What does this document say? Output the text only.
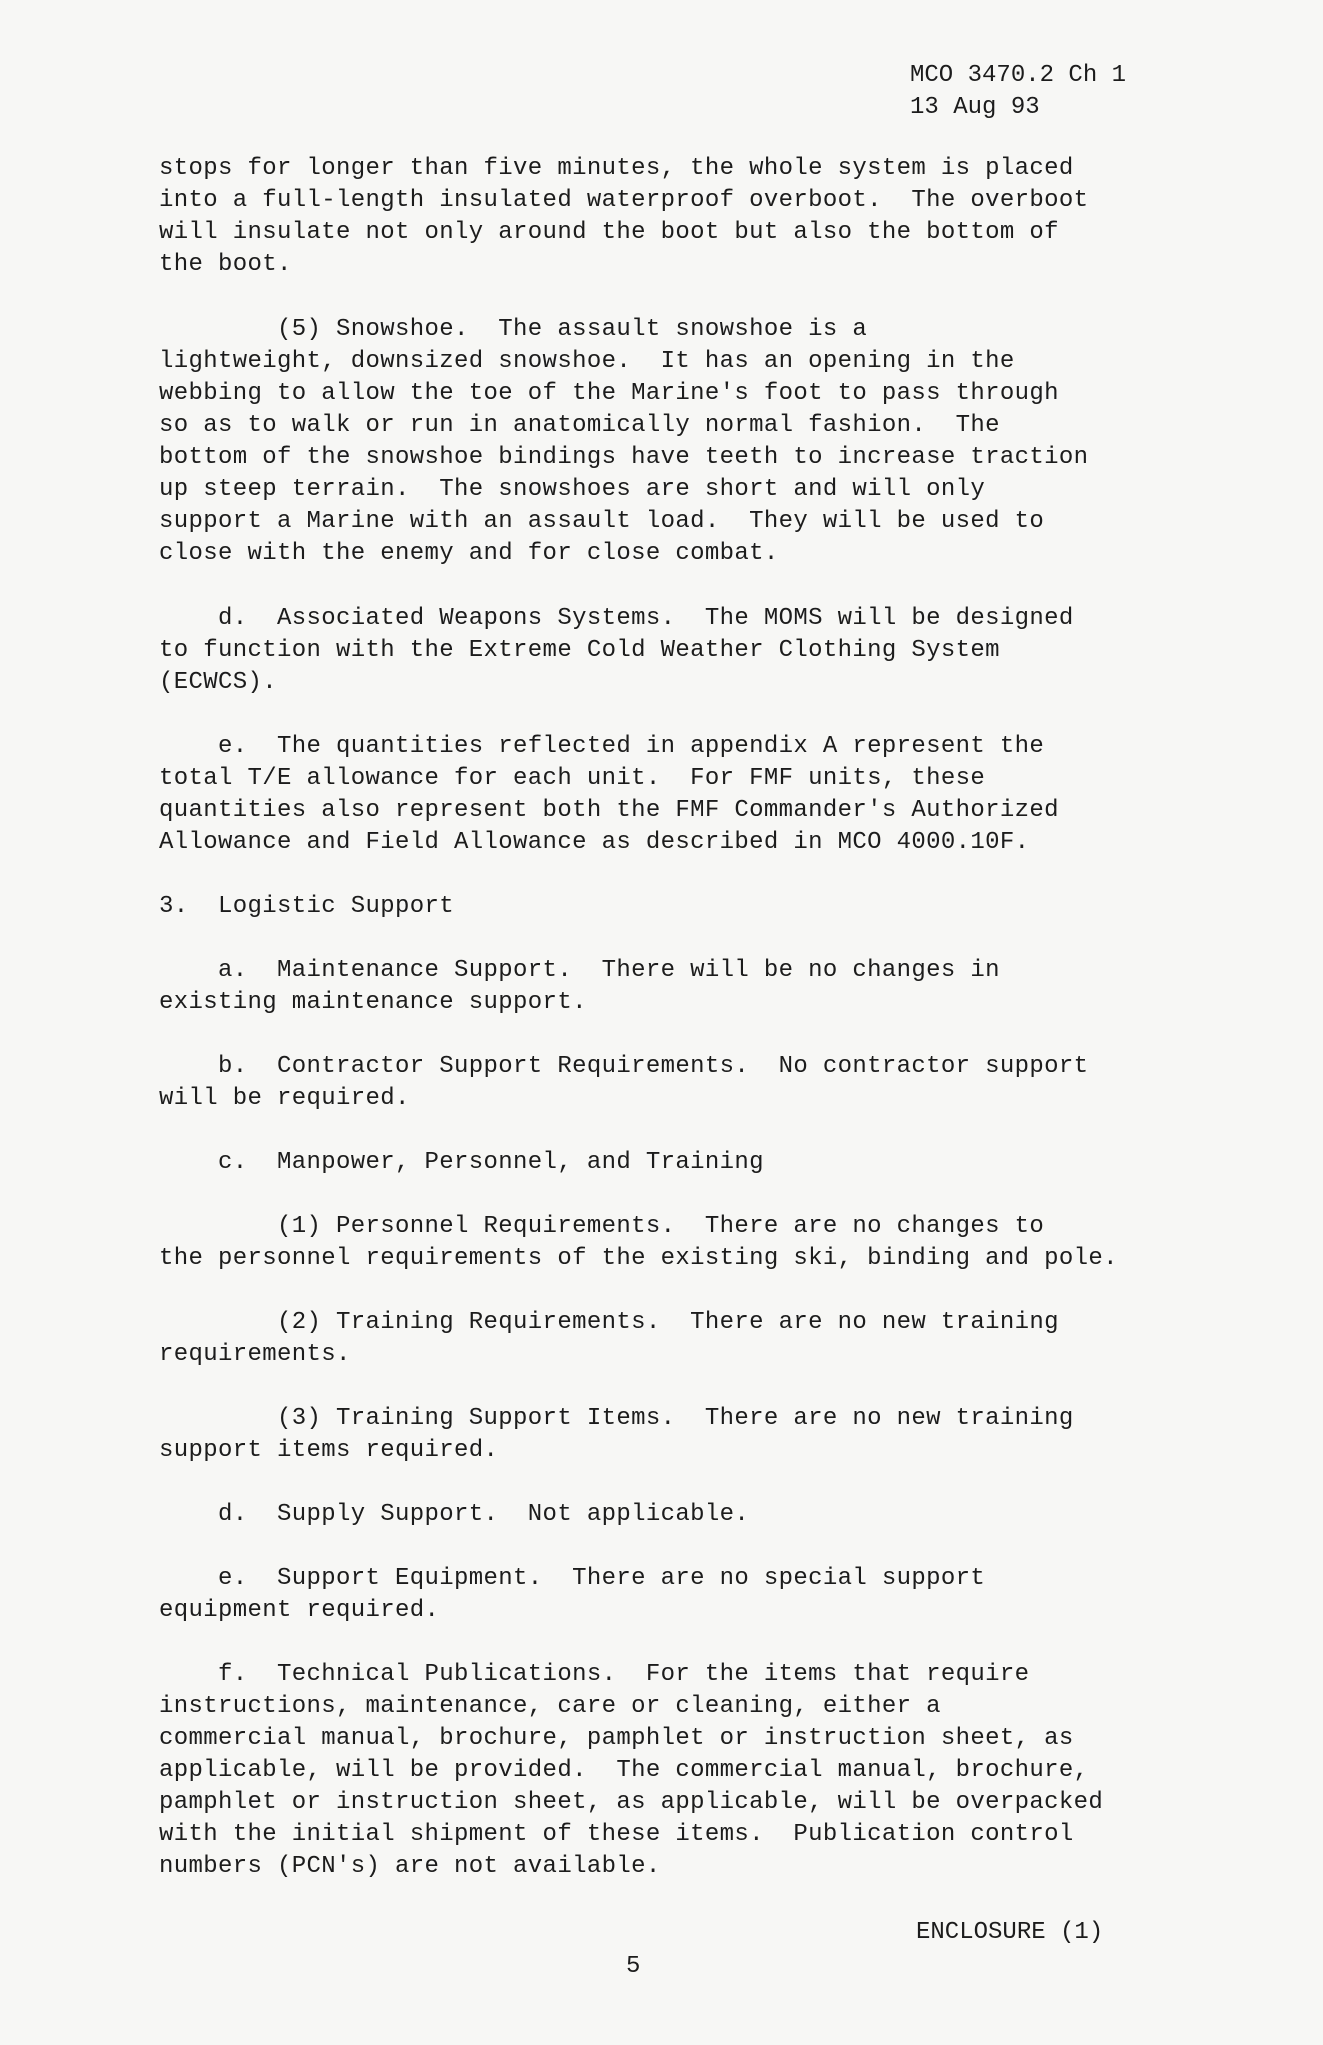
MCO 3470.2 Ch 1
13 Aug 93
stops for longer than five minutes, the whole system is placed
into a full-length insulated waterproof overboot.  The overboot
will insulate not only around the boot but also the bottom of
the boot.
(5) Snowshoe.  The assault snowshoe is a
lightweight, downsized snowshoe.  It has an opening in the
webbing to allow the toe of the Marine's foot to pass through
so as to walk or run in anatomically normal fashion.  The
bottom of the snowshoe bindings have teeth to increase traction
up steep terrain.  The snowshoes are short and will only
support a Marine with an assault load.  They will be used to
close with the enemy and for close combat.
d.  Associated Weapons Systems.  The MOMS will be designed
to function with the Extreme Cold Weather Clothing System
(ECWCS).
e.  The quantities reflected in appendix A represent the
total T/E allowance for each unit.  For FMF units, these
quantities also represent both the FMF Commander's Authorized
Allowance and Field Allowance as described in MCO 4000.10F.
3.  Logistic Support
a.  Maintenance Support.  There will be no changes in
existing maintenance support.
b.  Contractor Support Requirements.  No contractor support
will be required.
c.  Manpower, Personnel, and Training
(1) Personnel Requirements.  There are no changes to
the personnel requirements of the existing ski, binding and pole.
(2) Training Requirements.  There are no new training
requirements.
(3) Training Support Items.  There are no new training
support items required.
d.  Supply Support.  Not applicable.
e.  Support Equipment.  There are no special support
equipment required.
f.  Technical Publications.  For the items that require
instructions, maintenance, care or cleaning, either a
commercial manual, brochure, pamphlet or instruction sheet, as
applicable, will be provided.  The commercial manual, brochure,
pamphlet or instruction sheet, as applicable, will be overpacked
with the initial shipment of these items.  Publication control
numbers (PCN's) are not available.
ENCLOSURE (1)
5
